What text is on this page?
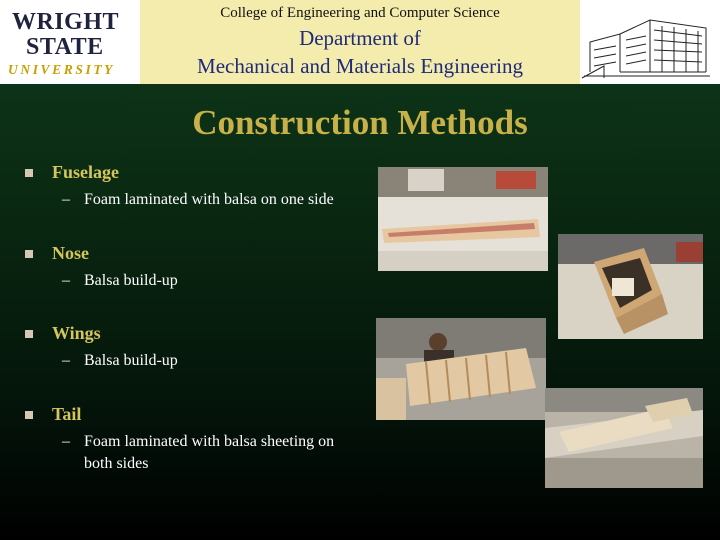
WRIGHT
STATE
UNIVERSITY
College of Engineering and Computer Science
Department of
Mechanical and Materials Engineering
Construction Methods
Fuselage
– Foam laminated with balsa on one side
Nose
– Balsa build-up
Wings
– Balsa build-up
Tail
– Foam laminated with balsa sheeting on
both sides
